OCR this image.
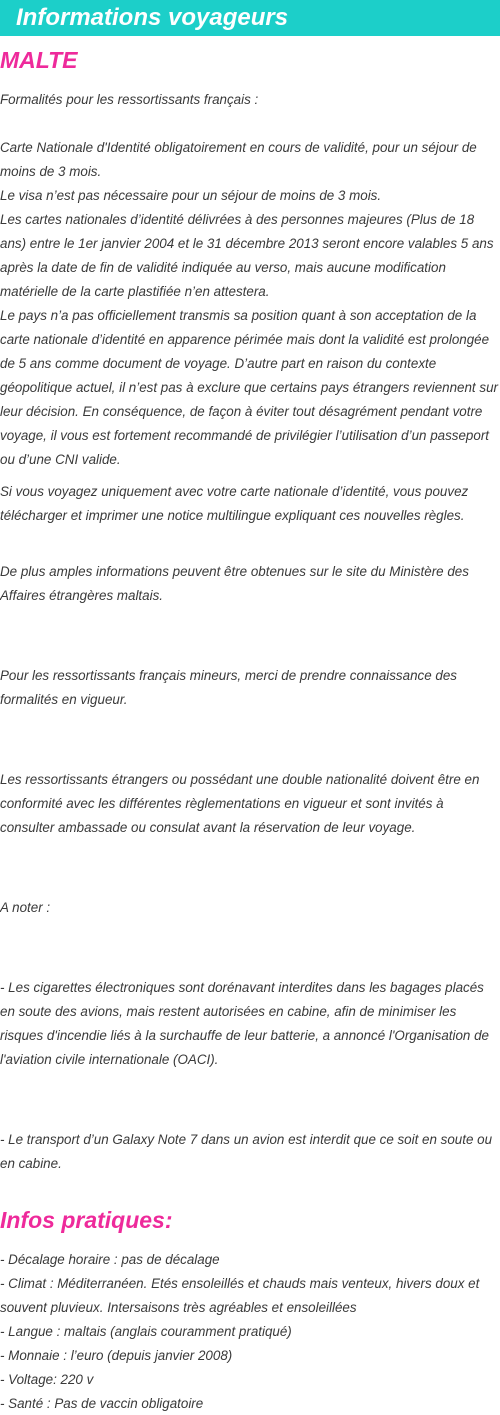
Informations voyageurs
MALTE

Formalités pour les ressortissants français :

Carte Nationale d'Identité obligatoirement en cours de validité, pour un séjour de moins de 3 mois.
Le visa n’est pas nécessaire pour un séjour de moins de 3 mois.
Les cartes nationales d’identité délivrées à des personnes majeures (Plus de 18 ans) entre le 1er janvier 2004 et le 31 décembre 2013 seront encore valables 5 ans après la date de fin de validité indiquée au verso, mais aucune modification matérielle de la carte plastifiée n’en attestera.
Le pays n’a pas officiellement transmis sa position quant à son acceptation de la carte nationale d’identité en apparence périmée mais dont la validité est prolongée de 5 ans comme document de voyage. D’autre part en raison du contexte géopolitique actuel, il n’est pas à exclure que certains pays étrangers reviennent sur leur décision. En conséquence, de façon à éviter tout désagrément pendant votre voyage, il vous est fortement recommandé de privilégier l’utilisation d’un passeport ou d’une CNI valide.

Si vous voyagez uniquement avec votre carte nationale d’identité, vous pouvez télécharger et imprimer une notice multilingue expliquant ces nouvelles règles.

De plus amples informations peuvent être obtenues sur le site du Ministère des Affaires étrangères maltais.

Pour les ressortissants français mineurs, merci de prendre connaissance des formalités en vigueur.

Les ressortissants étrangers ou possédant une double nationalité doivent être en conformité avec les différentes règlementations en vigueur et sont invités à consulter ambassade ou consulat avant la réservation de leur voyage.

A noter :

- Les cigarettes électroniques sont dorénavant interdites dans les bagages placés en soute des avions, mais restent autorisées en cabine, afin de minimiser les risques d'incendie liés à la surchauffe de leur batterie, a annoncé l'Organisation de l'aviation civile internationale (OACI).

- Le transport d’un Galaxy Note 7 dans un avion est interdit que ce soit en soute ou en cabine.

Infos pratiques:

- Décalage horaire : pas de décalage

- Climat : Méditerranéen. Etés ensoleillés et chauds mais venteux, hivers doux et souvent pluvieux. Intersaisons très agréables et ensoleillées

- Langue : maltais (anglais couramment pratiqué)

- Monnaie : l’euro (depuis janvier 2008)

- Voltage: 220 v

- Santé : Pas de vaccin obligatoire
